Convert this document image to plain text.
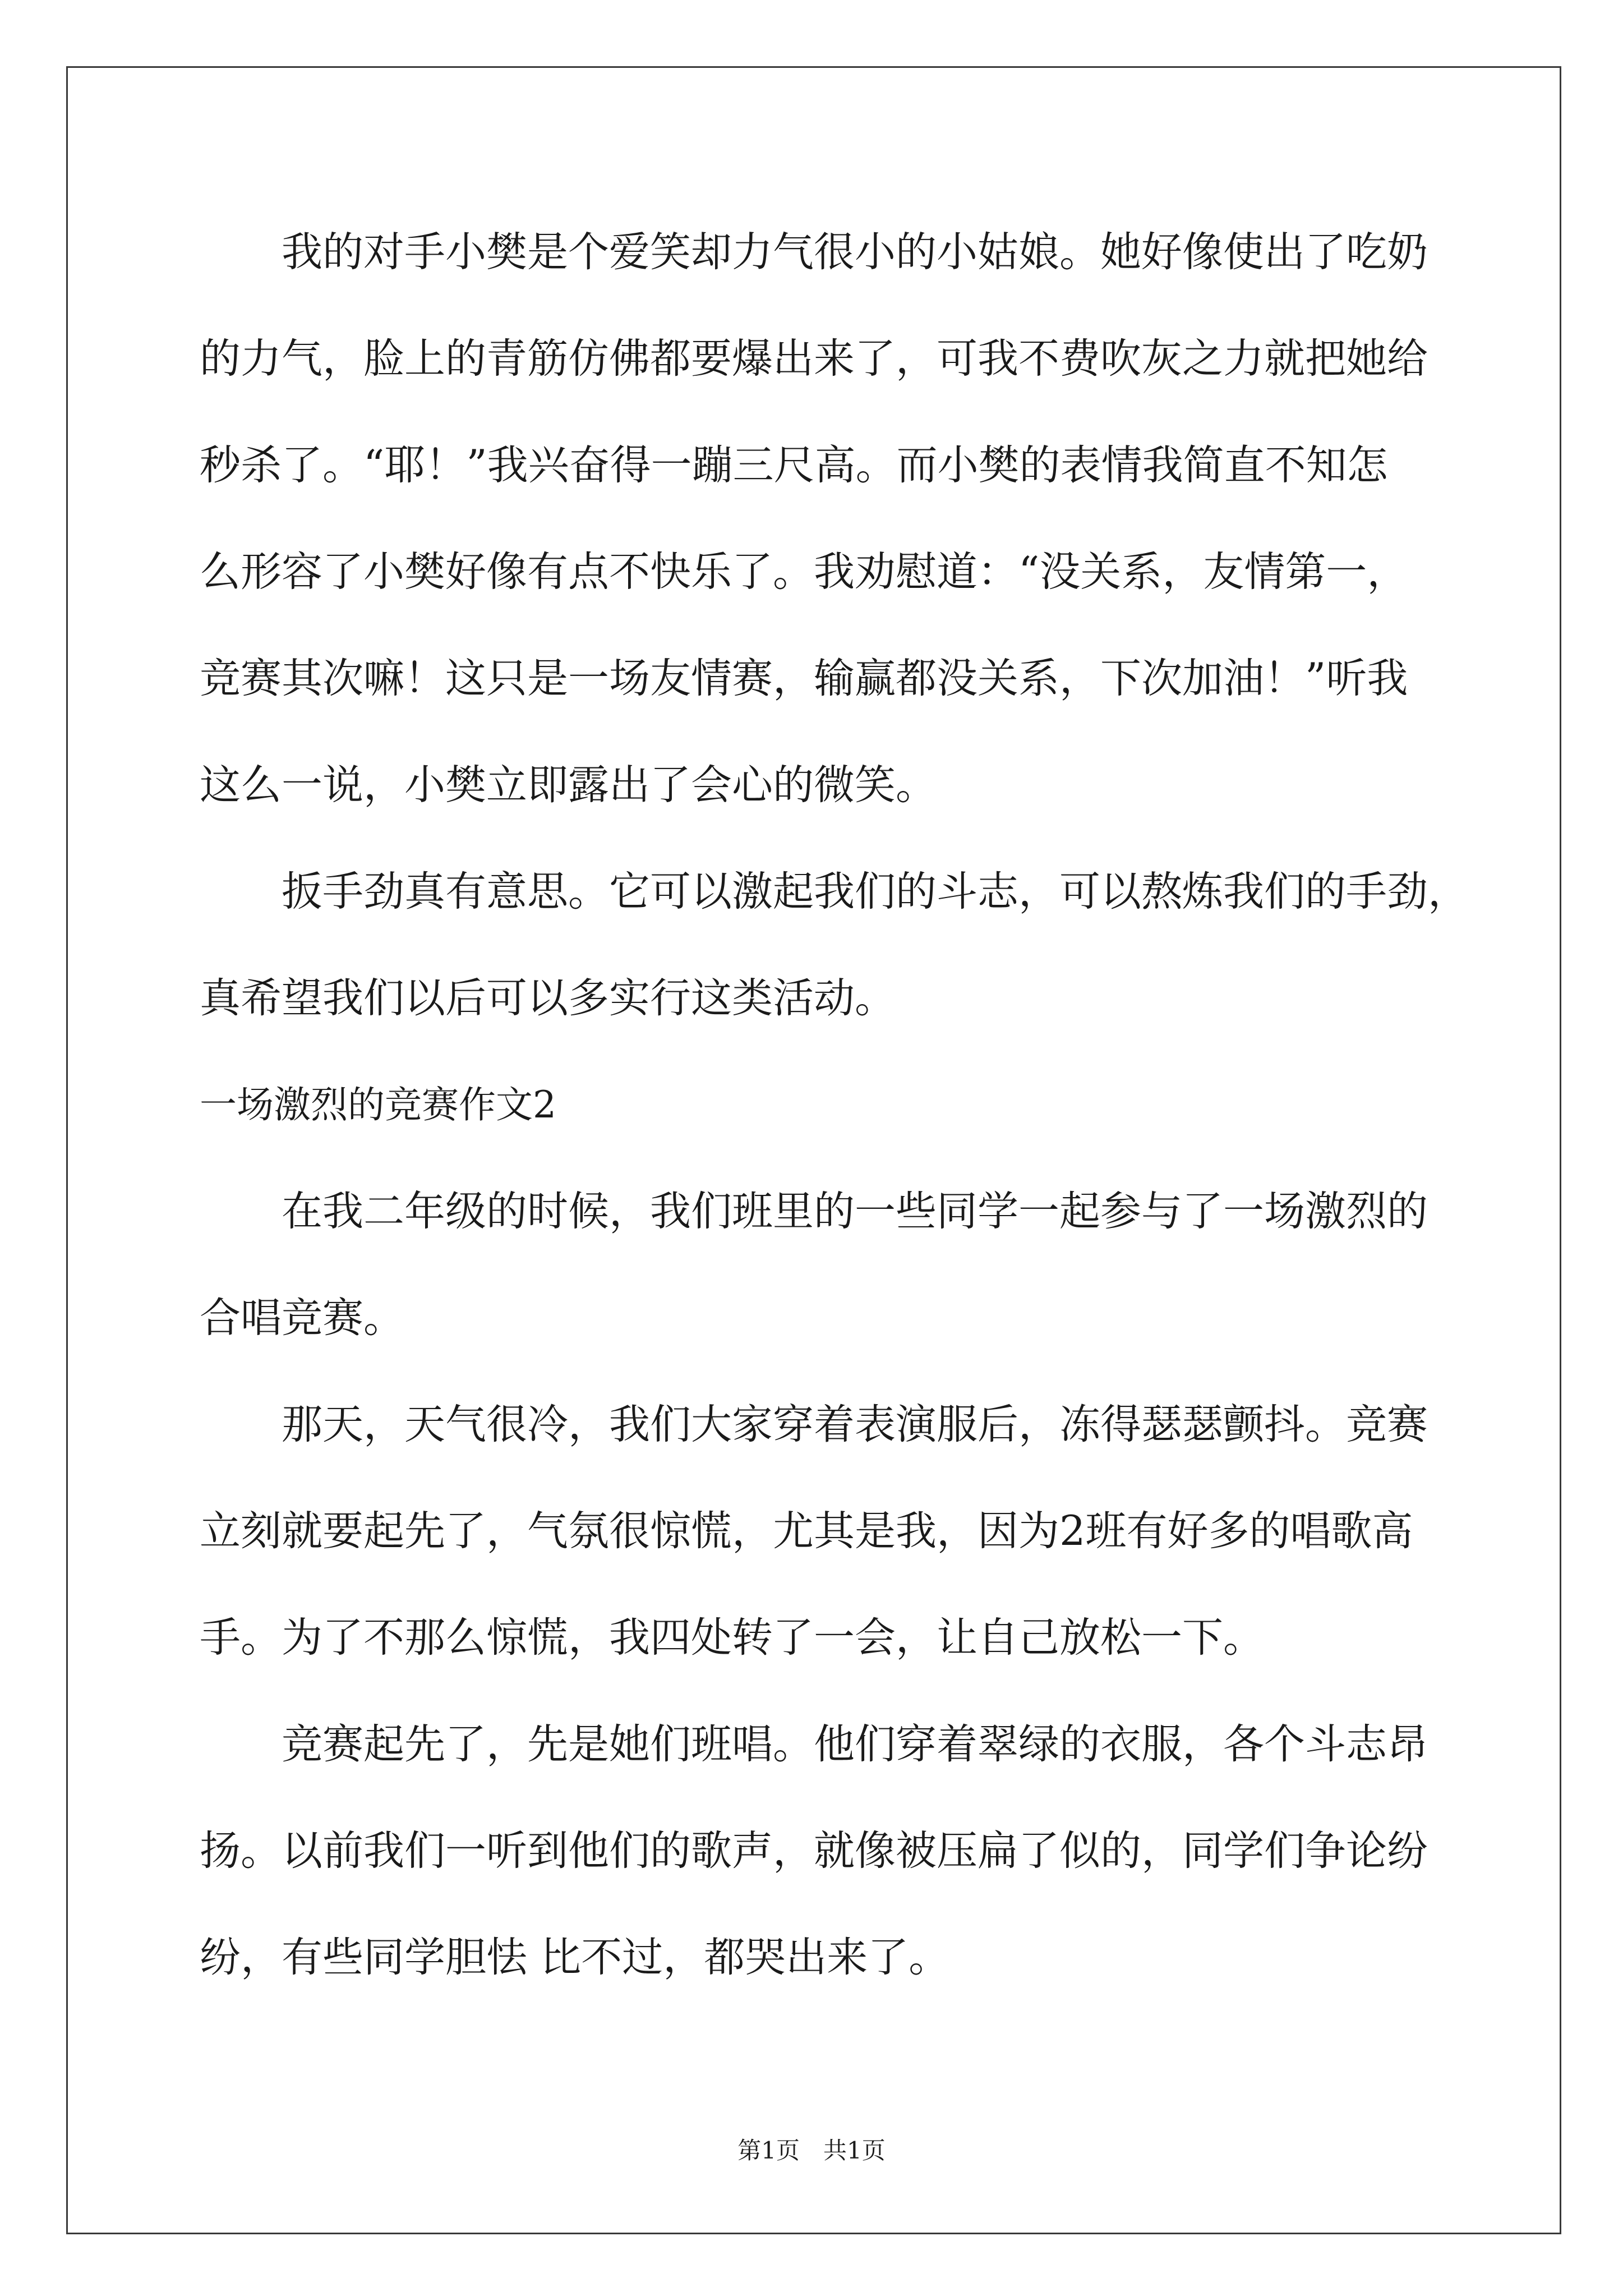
我的对手小樊是个爱笑却力气很小的小姑娘。她好像使出了吃奶
的力气，脸上的青筋仿佛都要爆出来了，可我不费吹灰之力就把她给
秒杀了。“耶！”我兴奋得一蹦三尺高。而小樊的表情我简直不知怎
么形容了小樊好像有点不快乐了。我劝慰道：“没关系，友情第一，
竞赛其次嘛！这只是一场友情赛，输赢都没关系，下次加油！”听我
这么一说，小樊立即露出了会心的微笑。
扳手劲真有意思。它可以激起我们的斗志，可以熬炼我们的手劲，
真希望我们以后可以多实行这类活动。
一场激烈的竞赛作文2
在我二年级的时候，我们班里的一些同学一起参与了一场激烈的
合唱竞赛。
那天，天气很冷，我们大家穿着表演服后，冻得瑟瑟颤抖。竞赛
立刻就要起先了，气氛很惊慌，尤其是我，因为2班有好多的唱歌高
手。为了不那么惊慌，我四处转了一会，让自己放松一下。
竞赛起先了，先是她们班唱。他们穿着翠绿的衣服，各个斗志昂
扬。以前我们一听到他们的歌声，就像被压扁了似的，同学们争论纷
纷，有些同学胆怯 比不过，都哭出来了。
第1页　共1页
